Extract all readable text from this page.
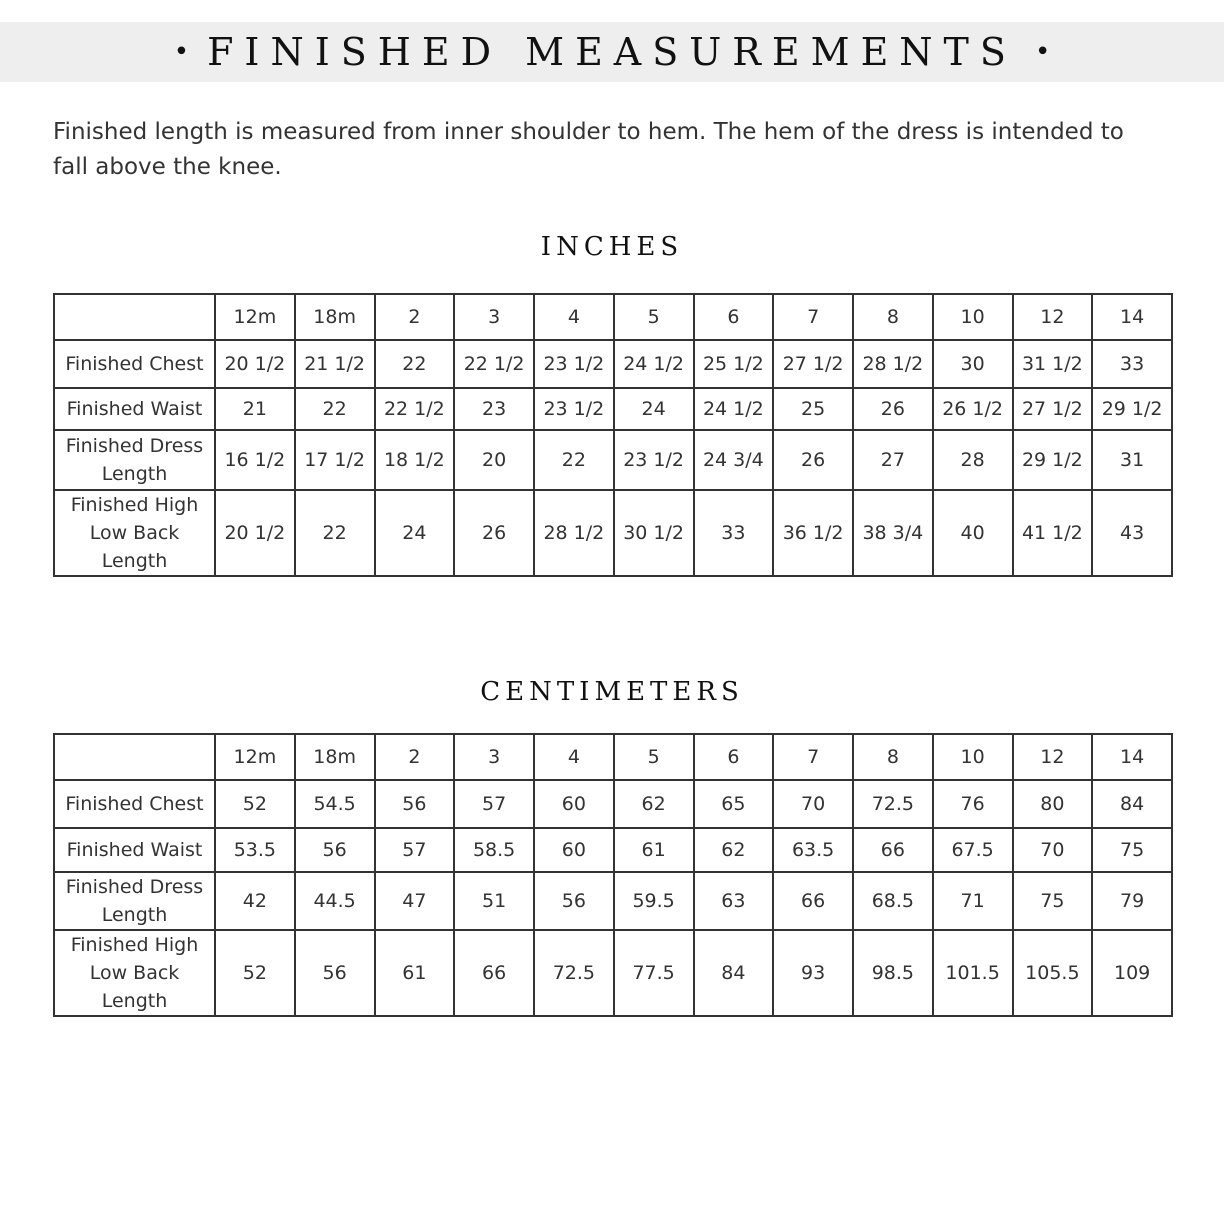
• FINISHED MEASUREMENTS •
Finished length is measured from inner shoulder to hem. The hem of the dress is intended to fall above the knee.
INCHES
	12m	18m	2	3	4	5	6	7	8	10	12	14
Finished Chest	20 1/2	21 1/2	22	22 1/2	23 1/2	24 1/2	25 1/2	27 1/2	28 1/2	30	31 1/2	33
Finished Waist	21	22	22 1/2	23	23 1/2	24	24 1/2	25	26	26 1/2	27 1/2	29 1/2
Finished Dress Length	16 1/2	17 1/2	18 1/2	20	22	23 1/2	24 3/4	26	27	28	29 1/2	31
Finished High Low Back Length	20 1/2	22	24	26	28 1/2	30 1/2	33	36 1/2	38 3/4	40	41 1/2	43
CENTIMETERS
	12m	18m	2	3	4	5	6	7	8	10	12	14
Finished Chest	52	54.5	56	57	60	62	65	70	72.5	76	80	84
Finished Waist	53.5	56	57	58.5	60	61	62	63.5	66	67.5	70	75
Finished Dress Length	42	44.5	47	51	56	59.5	63	66	68.5	71	75	79
Finished High Low Back Length	52	56	61	66	72.5	77.5	84	93	98.5	101.5	105.5	109
